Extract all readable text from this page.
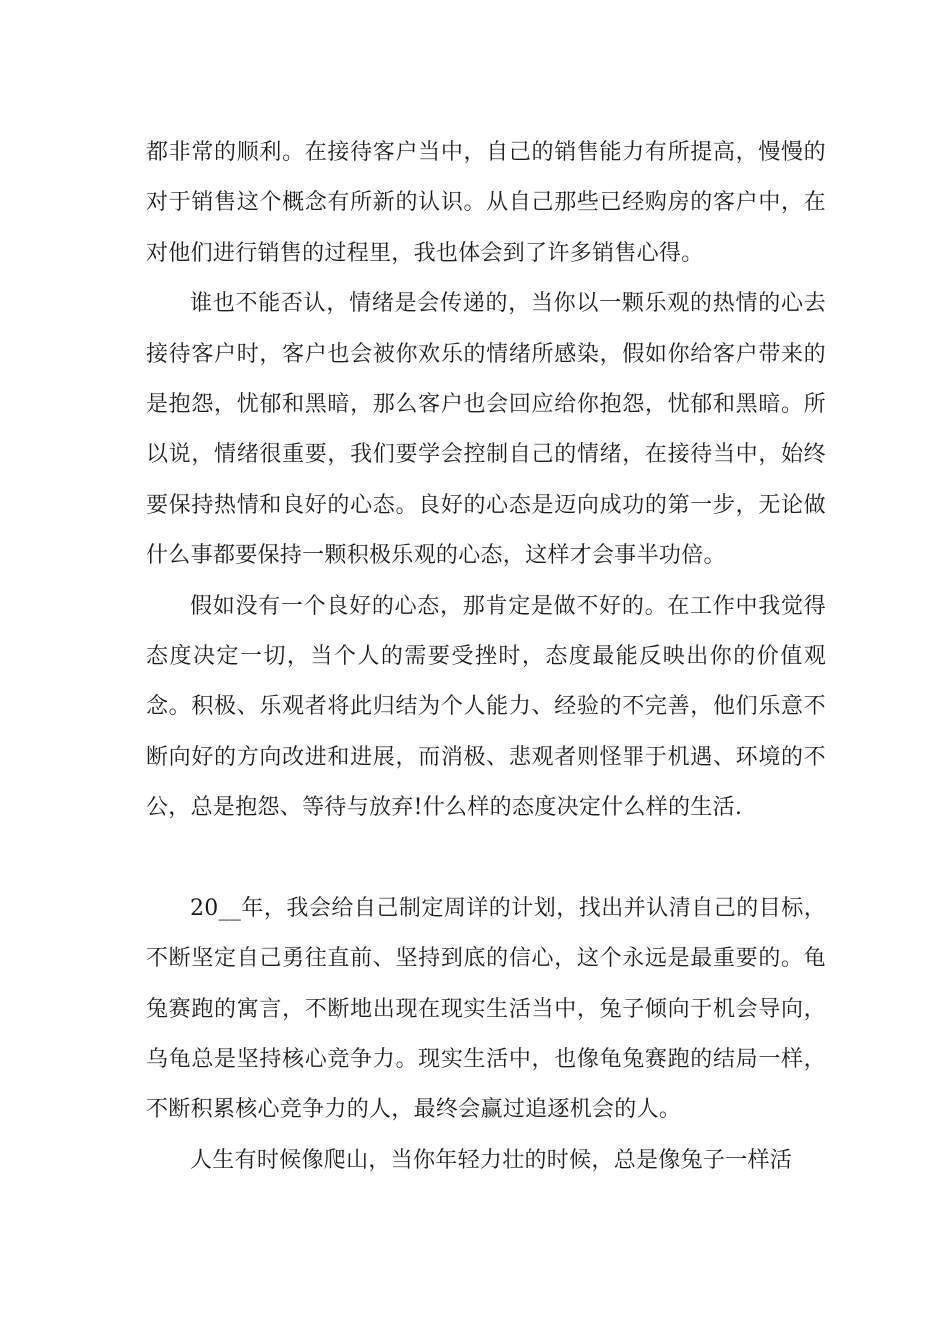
都非常的顺利。在接待客户当中，自己的销售能力有所提高，慢慢的对于销售这个概念有所新的认识。从自己那些已经购房的客户中，在对他们进行销售的过程里，我也体会到了许多销售心得。

谁也不能否认，情绪是会传递的，当你以一颗乐观的热情的心去接待客户时，客户也会被你欢乐的情绪所感染，假如你给客户带来的是抱怨，忧郁和黑暗，那么客户也会回应给你抱怨，忧郁和黑暗。所以说，情绪很重要，我们要学会控制自己的情绪，在接待当中，始终要保持热情和良好的心态。良好的心态是迈向成功的第一步，无论做什么事都要保持一颗积极乐观的心态，这样才会事半功倍。

假如没有一个良好的心态，那肯定是做不好的。在工作中我觉得态度决定一切，当个人的需要受挫时，态度最能反映出你的价值观念。积极、乐观者将此归结为个人能力、经验的不完善，他们乐意不断向好的方向改进和进展，而消极、悲观者则怪罪于机遇、环境的不公，总是抱怨、等待与放弃!什么样的态度决定什么样的生活.

20__年，我会给自己制定周详的计划，找出并认清自己的目标，不断坚定自己勇往直前、坚持到底的信心，这个永远是最重要的。龟兔赛跑的寓言，不断地出现在现实生活当中，兔子倾向于机会导向，乌龟总是坚持核心竞争力。现实生活中，也像龟兔赛跑的结局一样，不断积累核心竞争力的人，最终会赢过追逐机会的人。

人生有时候像爬山，当你年轻力壮的时候，总是像兔子一样活
